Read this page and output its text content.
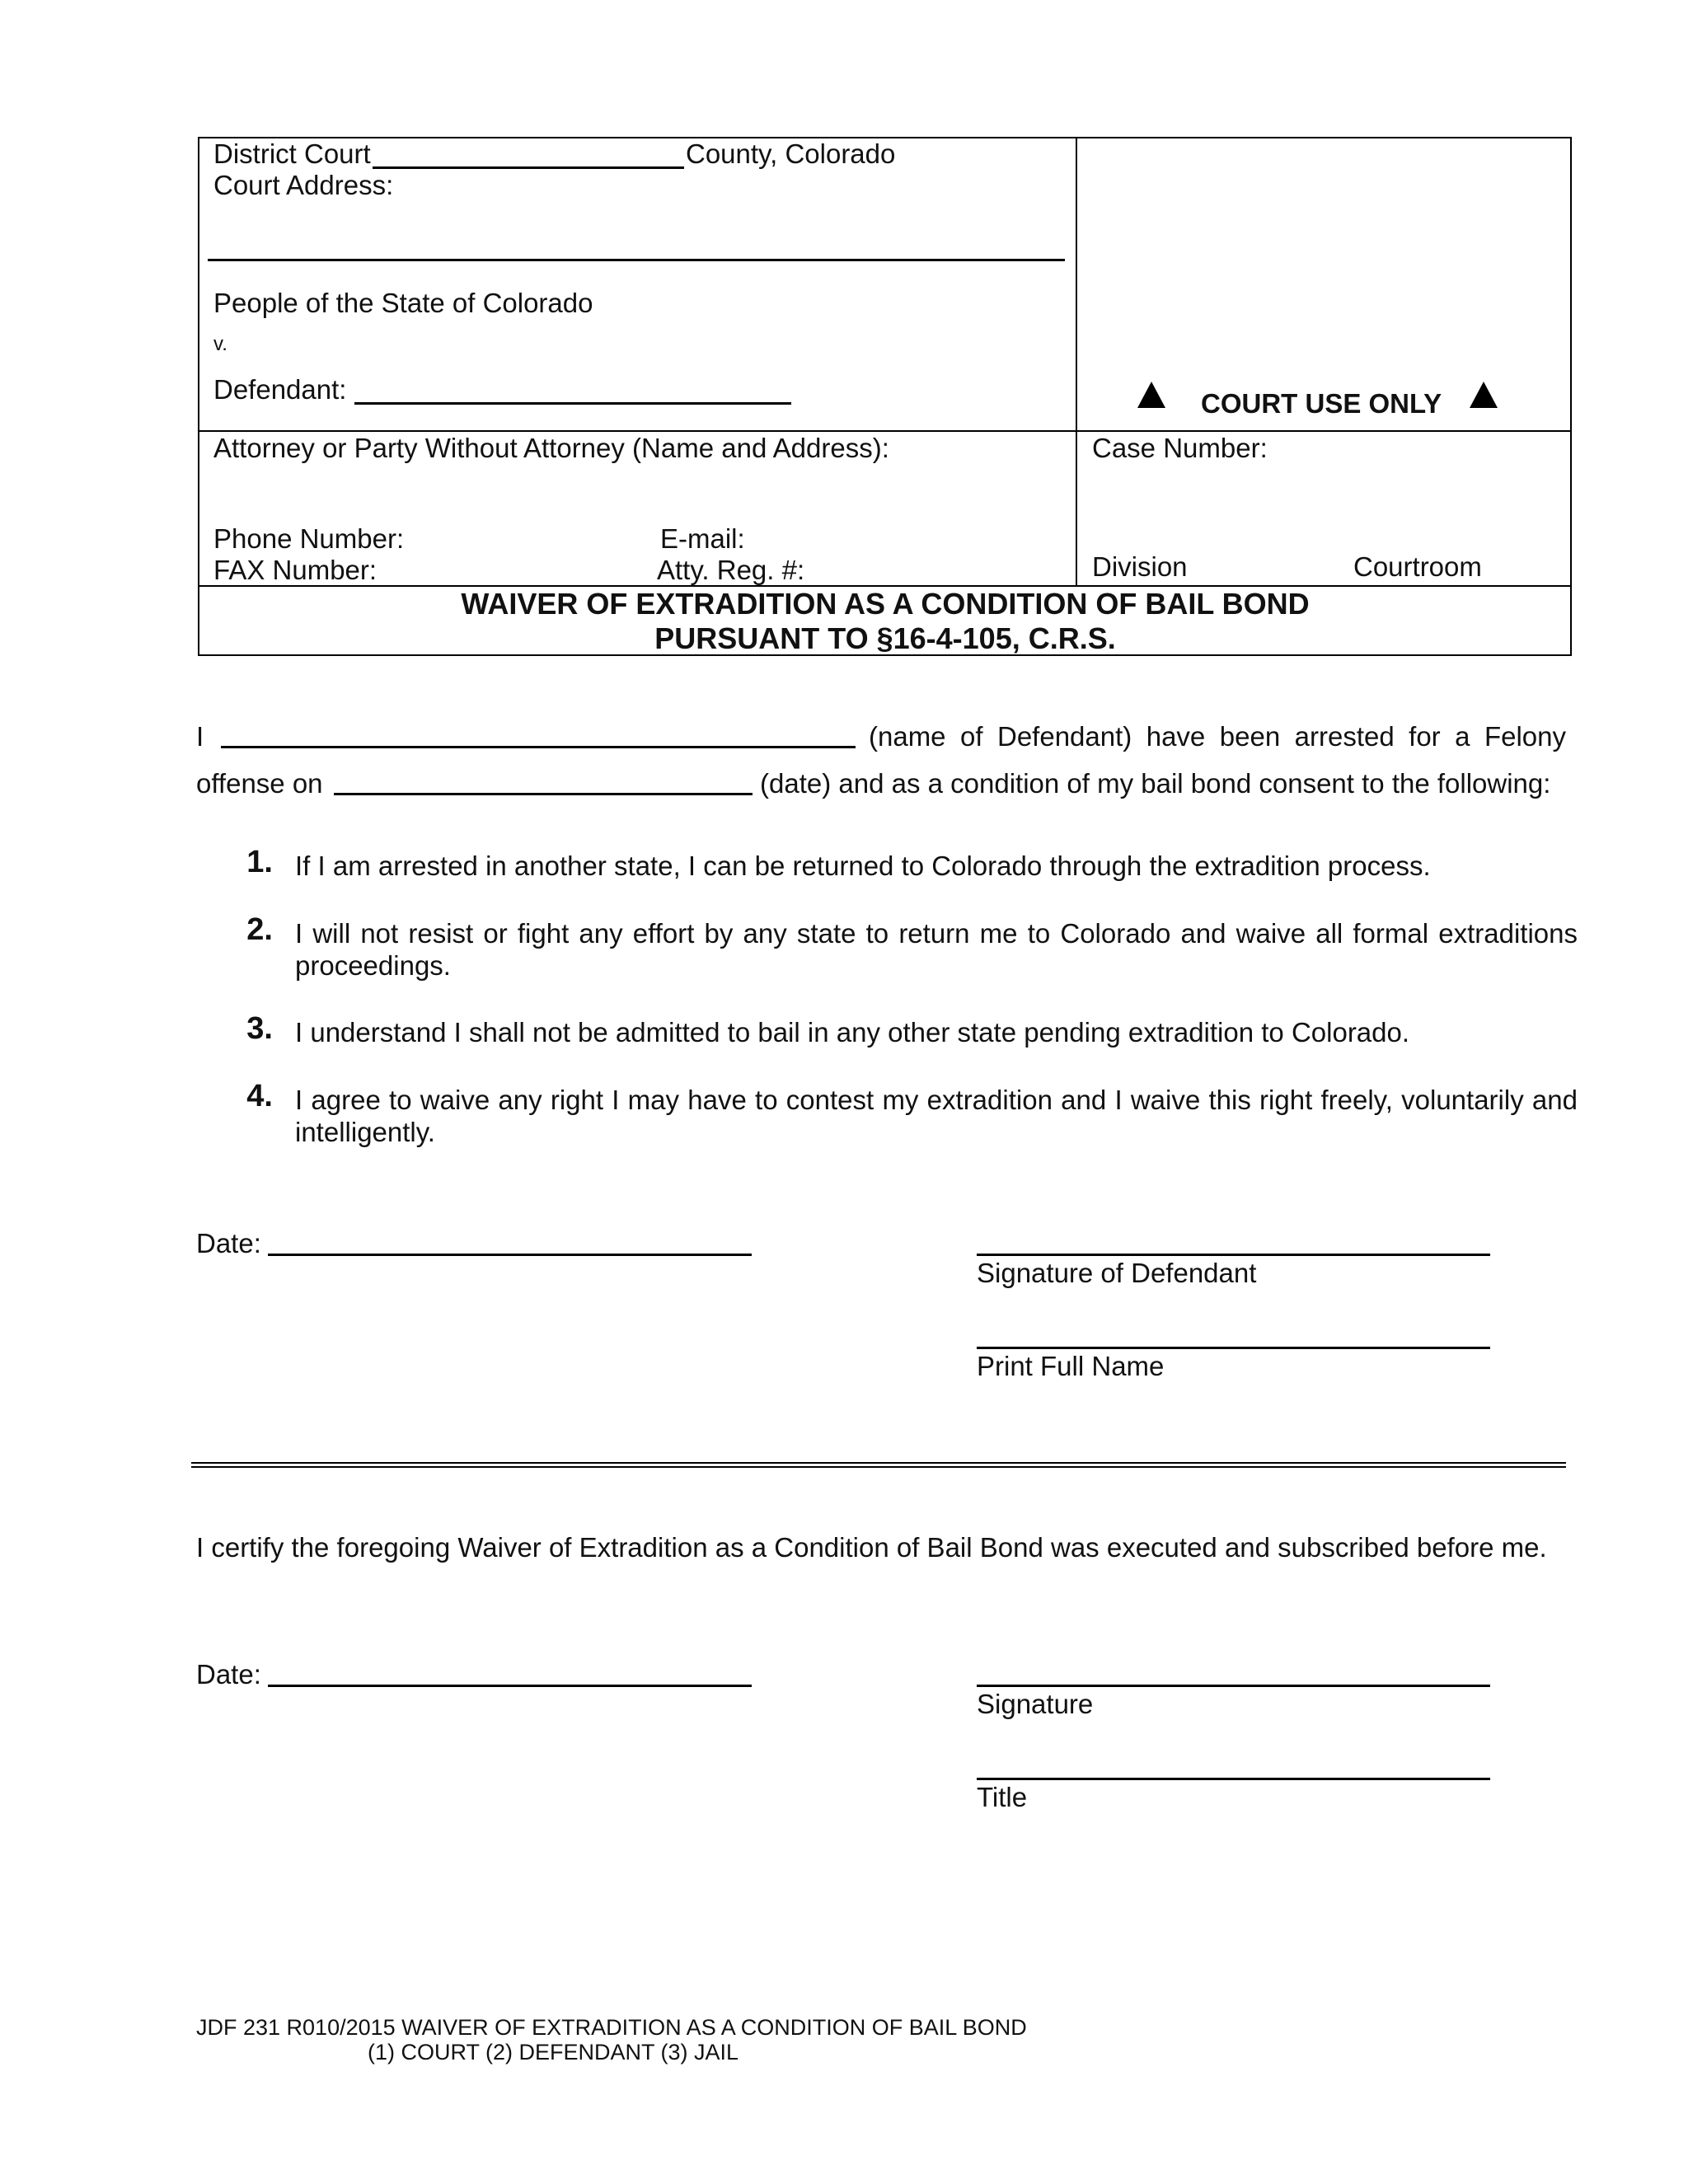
District Court	County, Colorado
Court Address:
People of the State of Colorado
v.
Defendant:	COURT USE ONLY
Attorney or Party Without Attorney (Name and Address):
Phone Number:	E-mail:
FAX Number:	Atty. Reg. #:
Case Number:
Division	Courtroom
WAIVER OF EXTRADITION AS A CONDITION OF BAIL BOND
PURSUANT TO §16-4-105, C.R.S.
I	(name of Defendant) have been arrested for a Felony
offense on	(date) and as a condition of my bail bond consent to the following:
1. If I am arrested in another state, I can be returned to Colorado through the extradition process.
2. I will not resist or fight any effort by any state to return me to Colorado and waive all formal extraditions proceedings.
3. I understand I shall not be admitted to bail in any other state pending extradition to Colorado.
4. I agree to waive any right I may have to contest my extradition and I waive this right freely, voluntarily and intelligently.
Date:
Signature of Defendant
Print Full Name
I certify the foregoing Waiver of Extradition as a Condition of Bail Bond was executed and subscribed before me.
Date:
Signature
Title
JDF 231 R010/2015 WAIVER OF EXTRADITION AS A CONDITION OF BAIL BOND
(1) COURT (2) DEFENDANT (3) JAIL
